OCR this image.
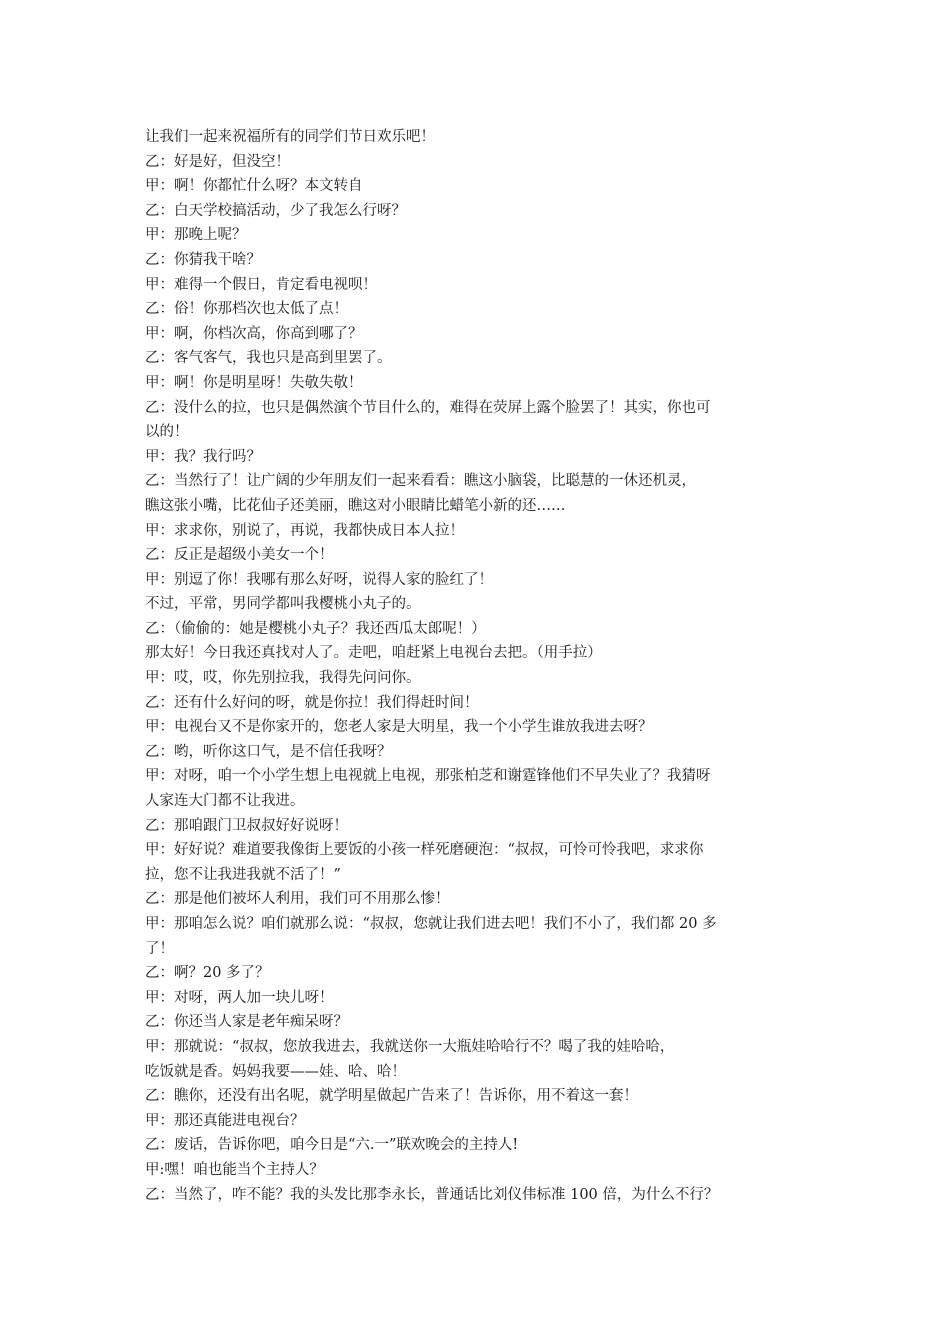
让我们一起来祝福所有的同学们节日欢乐吧！
乙：好是好，但没空！
甲：啊！你都忙什么呀？本文转自
乙：白天学校搞活动，少了我怎么行呀？
甲：那晚上呢？
乙：你猜我干啥？
甲：难得一个假日，肯定看电视呗！
乙：俗！你那档次也太低了点！
甲：啊，你档次高，你高到哪了？
乙：客气客气，我也只是高到里罢了。
甲：啊！你是明星呀！失敬失敬！
乙：没什么的拉，也只是偶然演个节目什么的，难得在荧屏上露个脸罢了！其实，你也可
以的！
甲：我？我行吗？
乙：当然行了！让广阔的少年朋友们一起来看看：瞧这小脑袋，比聪慧的一休还机灵，
瞧这张小嘴，比花仙子还美丽，瞧这对小眼睛比蜡笔小新的还……
甲：求求你，别说了，再说，我都快成日本人拉！
乙：反正是超级小美女一个！
甲：别逗了你！我哪有那么好呀，说得人家的脸红了！
不过，平常，男同学都叫我樱桃小丸子的。
乙：（偷偷的：她是樱桃小丸子？我还西瓜太郎呢！）
那太好！今日我还真找对人了。走吧，咱赶紧上电视台去把。（用手拉）
甲：哎，哎，你先别拉我，我得先问问你。
乙：还有什么好问的呀，就是你拉！我们得赶时间！
甲：电视台又不是你家开的，您老人家是大明星，我一个小学生谁放我进去呀？
乙：哟，听你这口气，是不信任我呀？
甲：对呀，咱一个小学生想上电视就上电视，那张柏芝和谢霆锋他们不早失业了？我猜呀
人家连大门都不让我进。
乙：那咱跟门卫叔叔好好说呀！
甲：好好说？难道要我像街上要饭的小孩一样死磨硬泡：“叔叔，可怜可怜我吧，求求你
拉，您不让我进我就不活了！”
乙：那是他们被坏人利用，我们可不用那么惨！
甲：那咱怎么说？咱们就那么说：“叔叔，您就让我们进去吧！我们不小了，我们都 20 多
了！
乙：啊？20 多了？
甲：对呀，两人加一块儿呀！
乙：你还当人家是老年痴呆呀？
甲：那就说：“叔叔，您放我进去，我就送你一大瓶娃哈哈行不？喝了我的娃哈哈，
吃饭就是香。妈妈我要——娃、哈、哈！
乙：瞧你，还没有出名呢，就学明星做起广告来了！告诉你，用不着这一套！
甲：那还真能进电视台？
乙：废话，告诉你吧，咱今日是“六.一”联欢晚会的主持人!
甲:嘿！咱也能当个主持人？
乙：当然了，咋不能？我的头发比那李永长，普通话比刘仪伟标准 100 倍，为什么不行？
